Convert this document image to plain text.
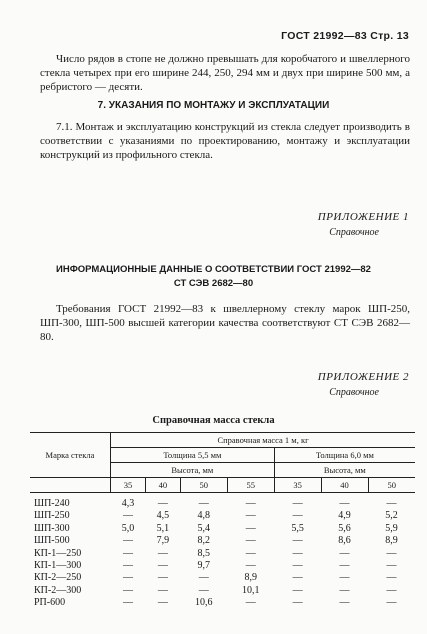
ГОСТ 21992—83 Стр. 13
Число рядов в стопе не должно превышать для коробчатого и швеллерного стекла четырех при его ширине 244, 250, 294 мм и двух при ширине 500 мм, а ребристого — десяти.
7. УКАЗАНИЯ ПО МОНТАЖУ И ЭКСПЛУАТАЦИИ
7.1. Монтаж и эксплуатацию конструкций из стекла следует производить в соответствии с указаниями по проектированию, монтажу и эксплуатации конструкций из профильного стекла.
ПРИЛОЖЕНИЕ 1
Справочное
ИНФОРМАЦИОННЫЕ ДАННЫЕ О СООТВЕТСТВИИ ГОСТ 21992—82
СТ СЭВ 2682—80
Требования ГОСТ 21992—83 к швеллерному стеклу марок ШП-250, ШП-300, ШП-500 высшей категории качества соответствуют СТ СЭВ 2682—80.
ПРИЛОЖЕНИЕ 2
Справочное
Справочная масса стекла
Марка стекла	Справочная масса 1 м, кг						
	Толщина 5,5 мм				Толщина 6,0 мм		
	Высота, мм				Высота, мм		
	35	40	50	55	35	40	50
ШП-240	4,3	—	—	—	—	—	—
ШП-250	—	4,5	4,8	—	—	4,9	5,2
ШП-300	5,0	5,1	5,4	—	5,5	5,6	5,9
ШП-500	—	7,9	8,2	—	—	8,6	8,9
КП-1—250	—	—	8,5	—	—	—	—
КП-1—300	—	—	9,7	—	—	—	—
КП-2—250	—	—	—	8,9	—	—	—
КП-2—300	—	—	—	10,1	—	—	—
РП-600	—	—	10,6	—	—	—	—
